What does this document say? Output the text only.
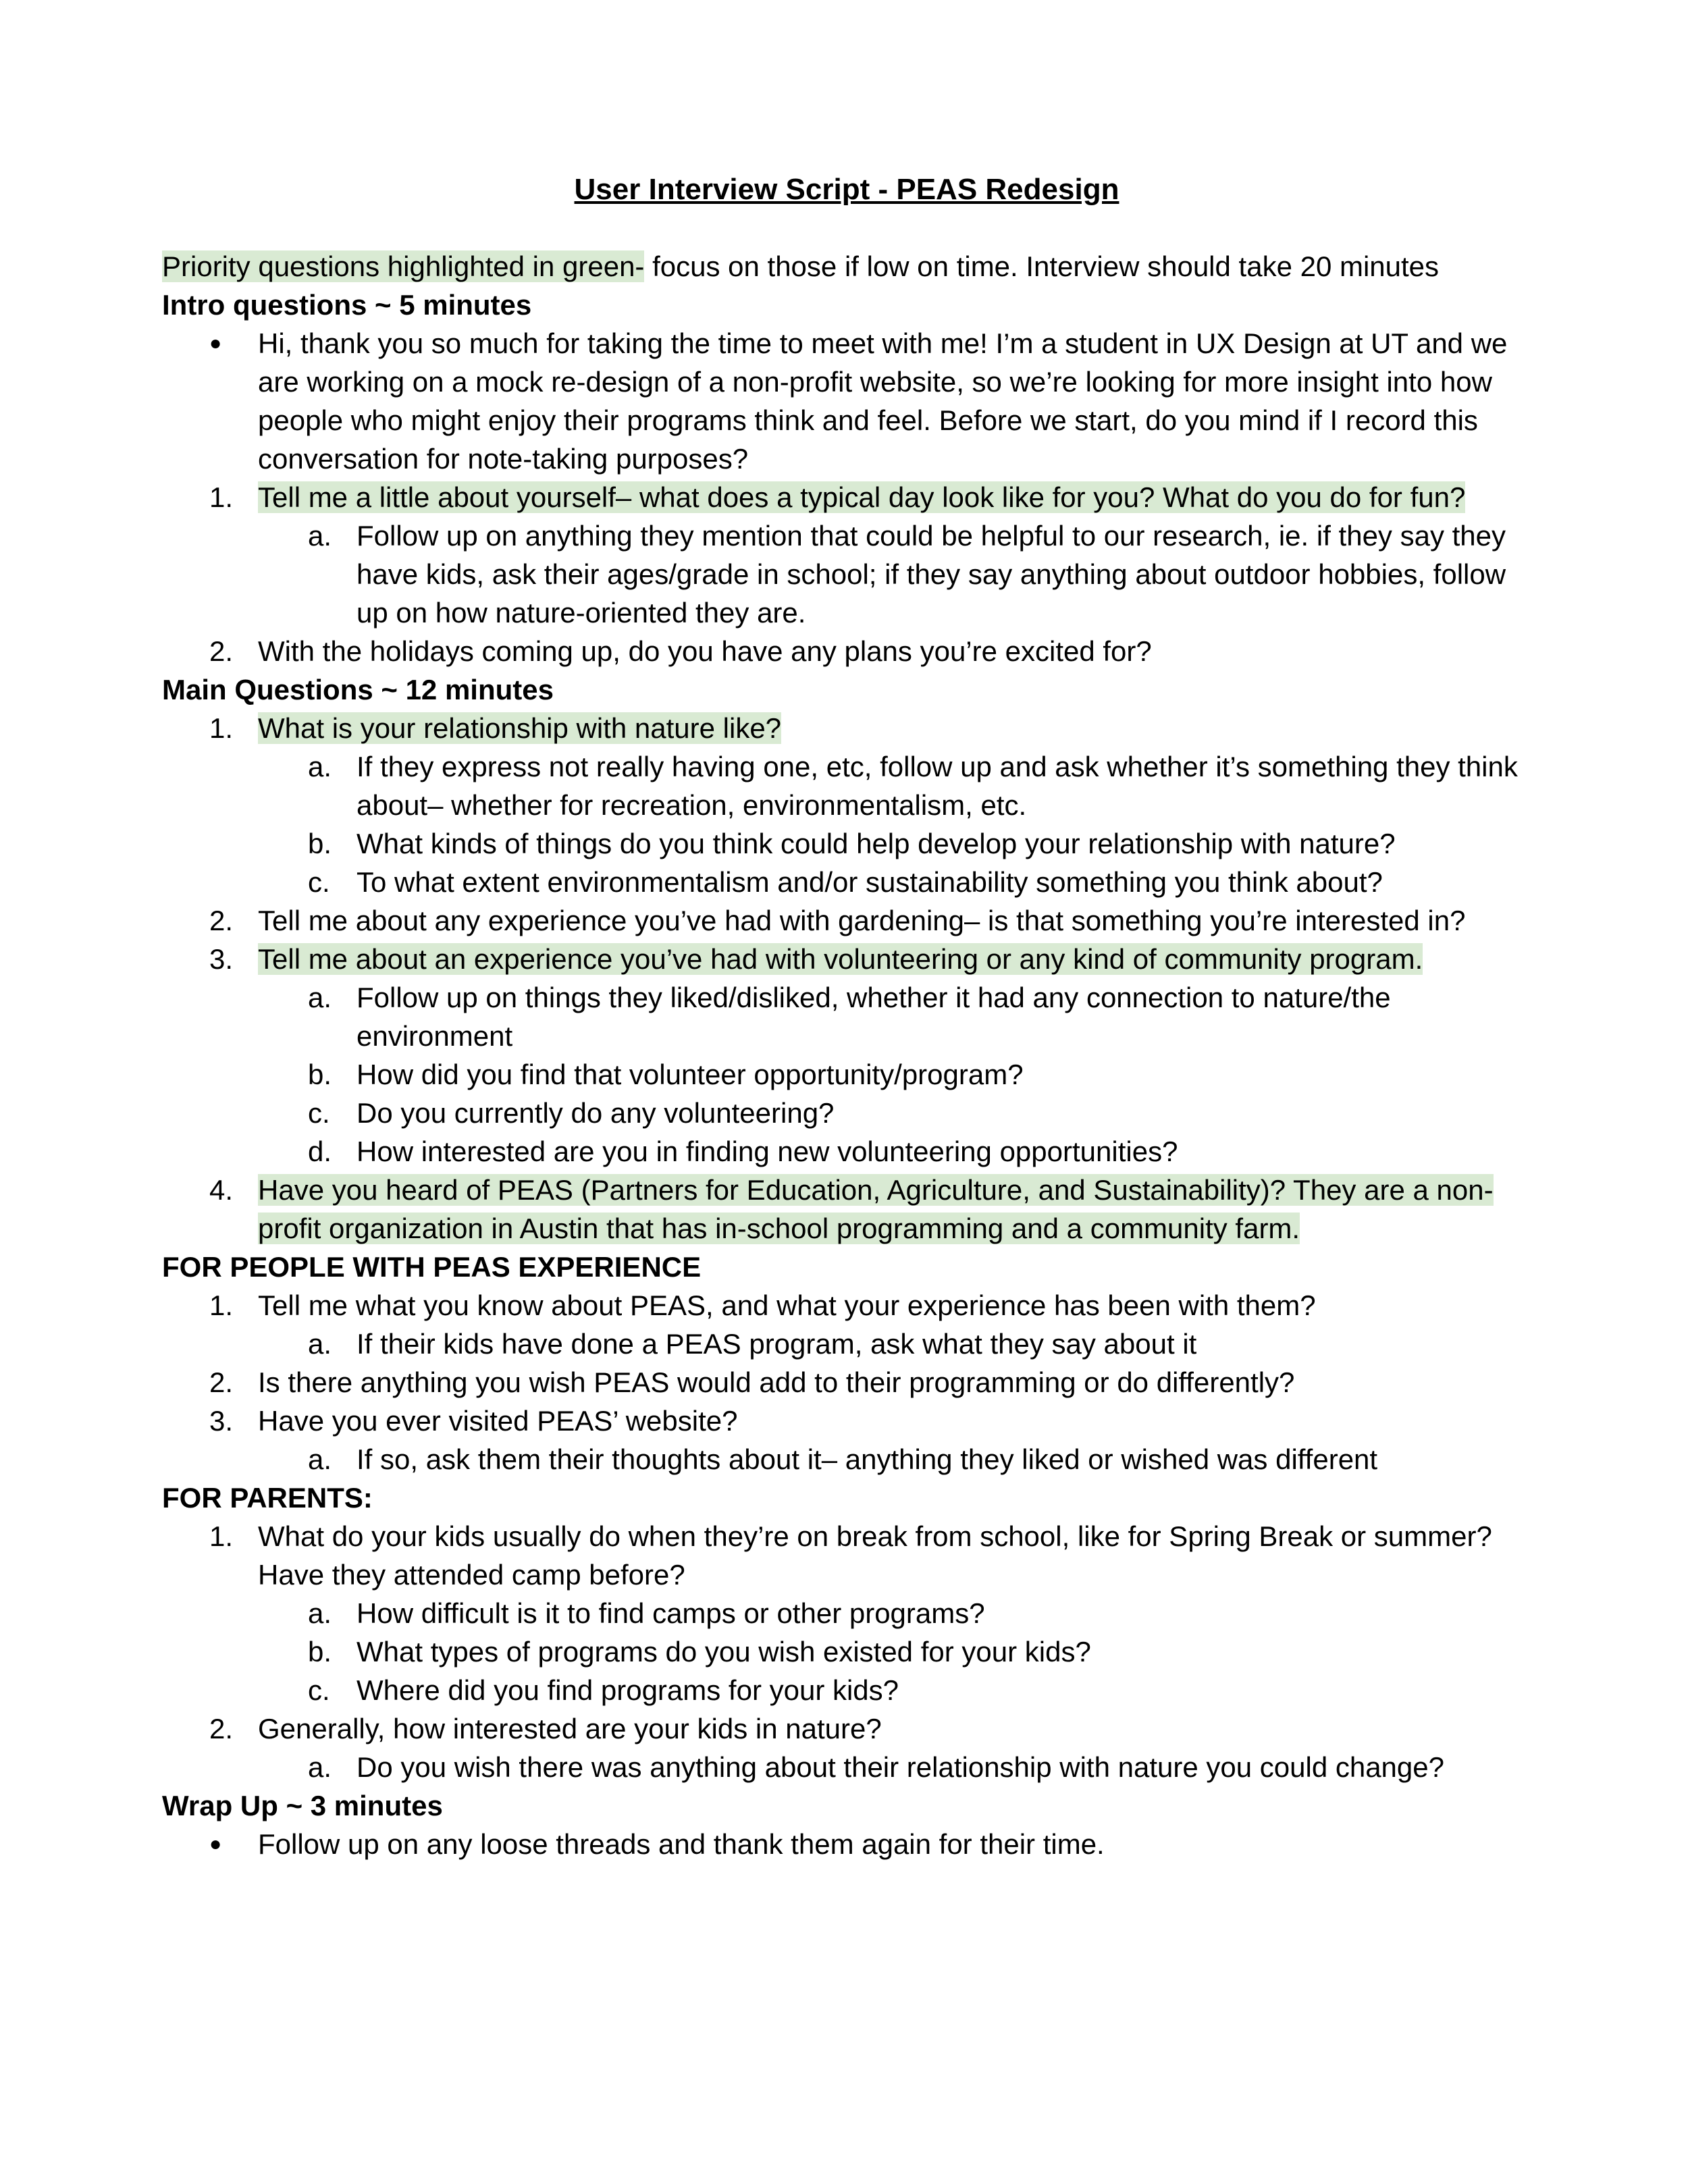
User Interview Script - PEAS Redesign
Priority questions highlighted in green- focus on those if low on time. Interview should take 20 minutes
Intro questions ~ 5 minutes
●	Hi, thank you so much for taking the time to meet with me! I’m a student in UX Design at UT and we are working on a mock re-design of a non-profit website, so we’re looking for more insight into how people who might enjoy their programs think and feel. Before we start, do you mind if I record this conversation for note-taking purposes?
1. Tell me a little about yourself– what does a typical day look like for you? What do you do for fun?
a. Follow up on anything they mention that could be helpful to our research, ie. if they say they have kids, ask their ages/grade in school; if they say anything about outdoor hobbies, follow up on how nature-oriented they are.
2. With the holidays coming up, do you have any plans you’re excited for?
Main Questions ~ 12 minutes
1. What is your relationship with nature like?
a. If they express not really having one, etc, follow up and ask whether it’s something they think about– whether for recreation, environmentalism, etc.
b. What kinds of things do you think could help develop your relationship with nature?
c. To what extent environmentalism and/or sustainability something you think about?
2. Tell me about any experience you’ve had with gardening– is that something you’re interested in?
3. Tell me about an experience you’ve had with volunteering or any kind of community program.
a. Follow up on things they liked/disliked, whether it had any connection to nature/the environment
b. How did you find that volunteer opportunity/program?
c. Do you currently do any volunteering?
d. How interested are you in finding new volunteering opportunities?
4. Have you heard of PEAS (Partners for Education, Agriculture, and Sustainability)? They are a non-profit organization in Austin that has in-school programming and a community farm.
FOR PEOPLE WITH PEAS EXPERIENCE
1. Tell me what you know about PEAS, and what your experience has been with them?
a. If their kids have done a PEAS program, ask what they say about it
2. Is there anything you wish PEAS would add to their programming or do differently?
3. Have you ever visited PEAS’ website?
a. If so, ask them their thoughts about it– anything they liked or wished was different
FOR PARENTS:
1. What do your kids usually do when they’re on break from school, like for Spring Break or summer? Have they attended camp before?
a. How difficult is it to find camps or other programs?
b. What types of programs do you wish existed for your kids?
c. Where did you find programs for your kids?
2. Generally, how interested are your kids in nature?
a. Do you wish there was anything about their relationship with nature you could change?
Wrap Up ~ 3 minutes
●	Follow up on any loose threads and thank them again for their time.
